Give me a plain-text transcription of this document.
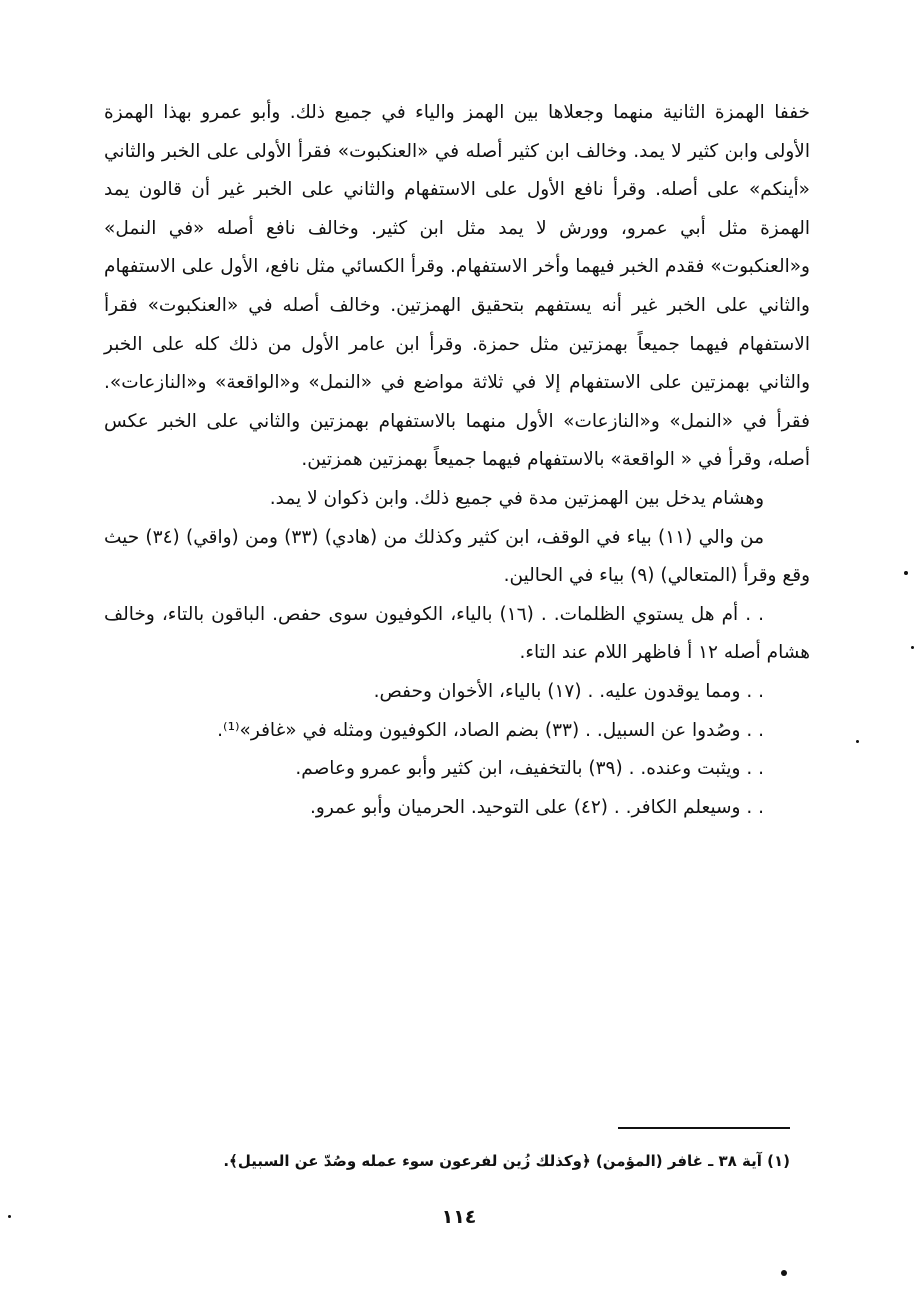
خففا الهمزة الثانية منهما وجعلاها بين الهمز والياء في جميع ذلك. وأبو عمرو بهذا الهمزة الأولى وابن كثير لا يمد. وخالف ابن كثير أصله في «العنكبوت» فقرأ الأولى على الخبر والثاني «أينكم» على أصله. وقرأ نافع الأول على الاستفهام والثاني على الخبر غير أن قالون يمد الهمزة مثل أبي عمرو، وورش لا يمد مثل ابن كثير. وخالف نافع أصله «في النمل» و«العنكبوت» فقدم الخبر فيهما وأخر الاستفهام. وقرأ الكسائي مثل نافع، الأول على الاستفهام والثاني على الخبر غير أنه يستفهم بتحقيق الهمزتين. وخالف أصله في «العنكبوت» فقرأ الاستفهام فيهما جميعاً بهمزتين مثل حمزة. وقرأ ابن عامر الأول من ذلك كله على الخبر والثاني بهمزتين على الاستفهام إلا في ثلاثة مواضع في «النمل» و«الواقعة» و«النازعات». فقرأ في «النمل» و«النازعات» الأول منهما بالاستفهام بهمزتين والثاني على الخبر عكس أصله، وقرأ في « الواقعة» بالاستفهام فيهما جميعاً بهمزتين همزتين.

وهشام يدخل بين الهمزتين مدة في جميع ذلك. وابن ذكوان لا يمد.

من والي (١١) بياء في الوقف، ابن كثير وكذلك من (هادي) (٣٣) ومن (واقي) (٣٤) حيث وقع وقرأ (المتعالي) (٩) بياء في الحالين.

. . أم هل يستوي الظلمات. . (١٦) بالياء، الكوفيون سوى حفص. الباقون بالتاء، وخالف هشام أصله ١٢ أ فاظهر اللام عند التاء.

. . ومما يوقدون عليه. . (١٧) بالياء، الأخوان وحفص.

. . وصُدوا عن السبيل. . (٣٣) بضم الصاد، الكوفيون ومثله في «غافر»⁽¹⁾.

. . ويثبت وعنده. . (٣٩) بالتخفيف، ابن كثير وأبو عمرو وعاصم.

. . وسيعلم الكافر. . (٤٢) على التوحيد. الحرميان وأبو عمرو.

(١) آية ٣٨ ـ غافر (المؤمن) ﴿وكذلك زُين لفرعون سوء عمله وصُدّ عن السبيل﴾.
١١٤
